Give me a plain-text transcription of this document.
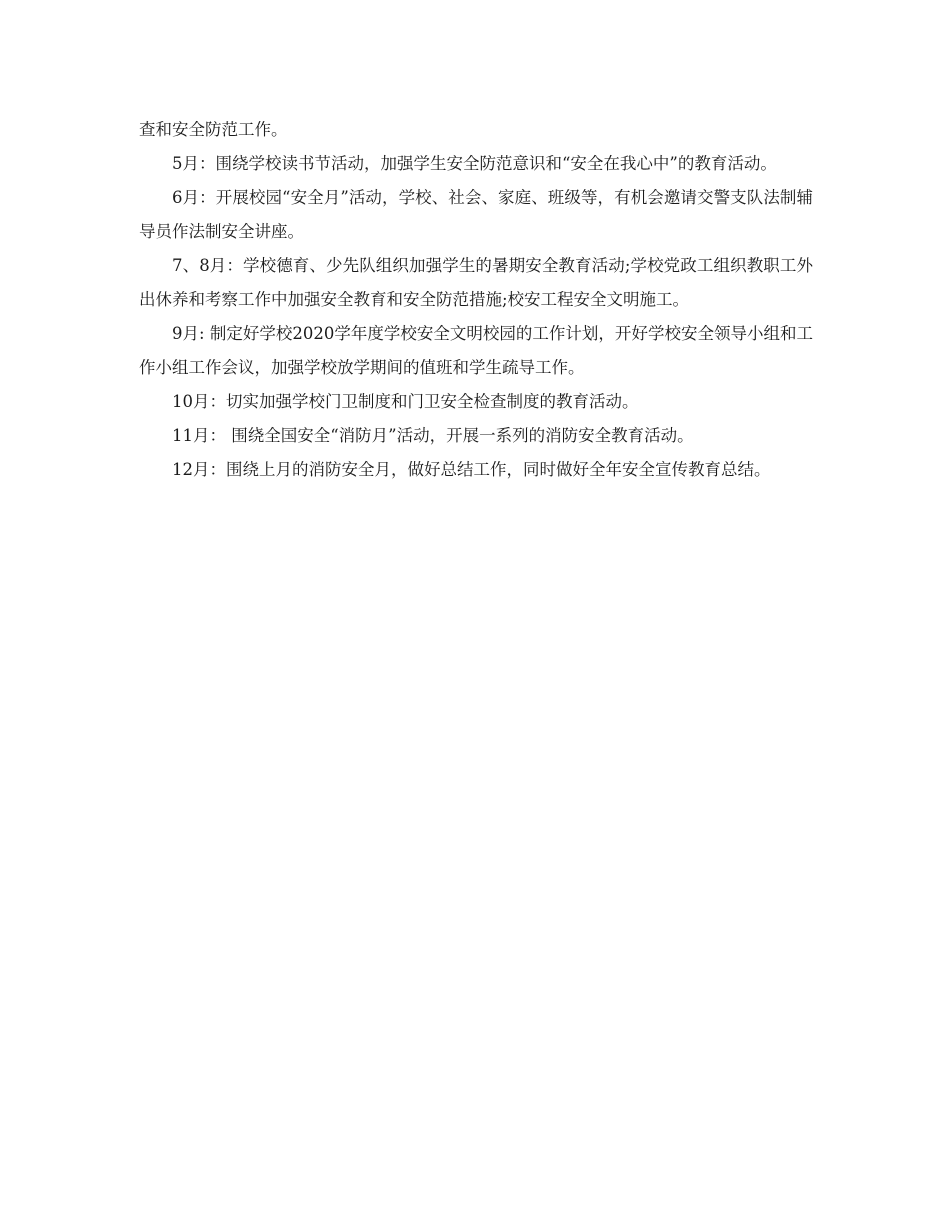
查和安全防范工作。

5月：围绕学校读书节活动，加强学生安全防范意识和“安全在我心中”的教育活动。

6月：开展校园“安全月”活动，学校、社会、家庭、班级等，有机会邀请交警支队法制辅导员作法制安全讲座。

7、8月：学校德育、少先队组织加强学生的暑期安全教育活动;学校党政工组织教职工外出休养和考察工作中加强安全教育和安全防范措施;校安工程安全文明施工。

9月: 制定好学校2020学年度学校安全文明校园的工作计划，开好学校安全领导小组和工作小组工作会议，加强学校放学期间的值班和学生疏导工作。

10月：切实加强学校门卫制度和门卫安全检查制度的教育活动。

11月： 围绕全国安全“消防月”活动，开展一系列的消防安全教育活动。

12月：围绕上月的消防安全月，做好总结工作，同时做好全年安全宣传教育总结。
